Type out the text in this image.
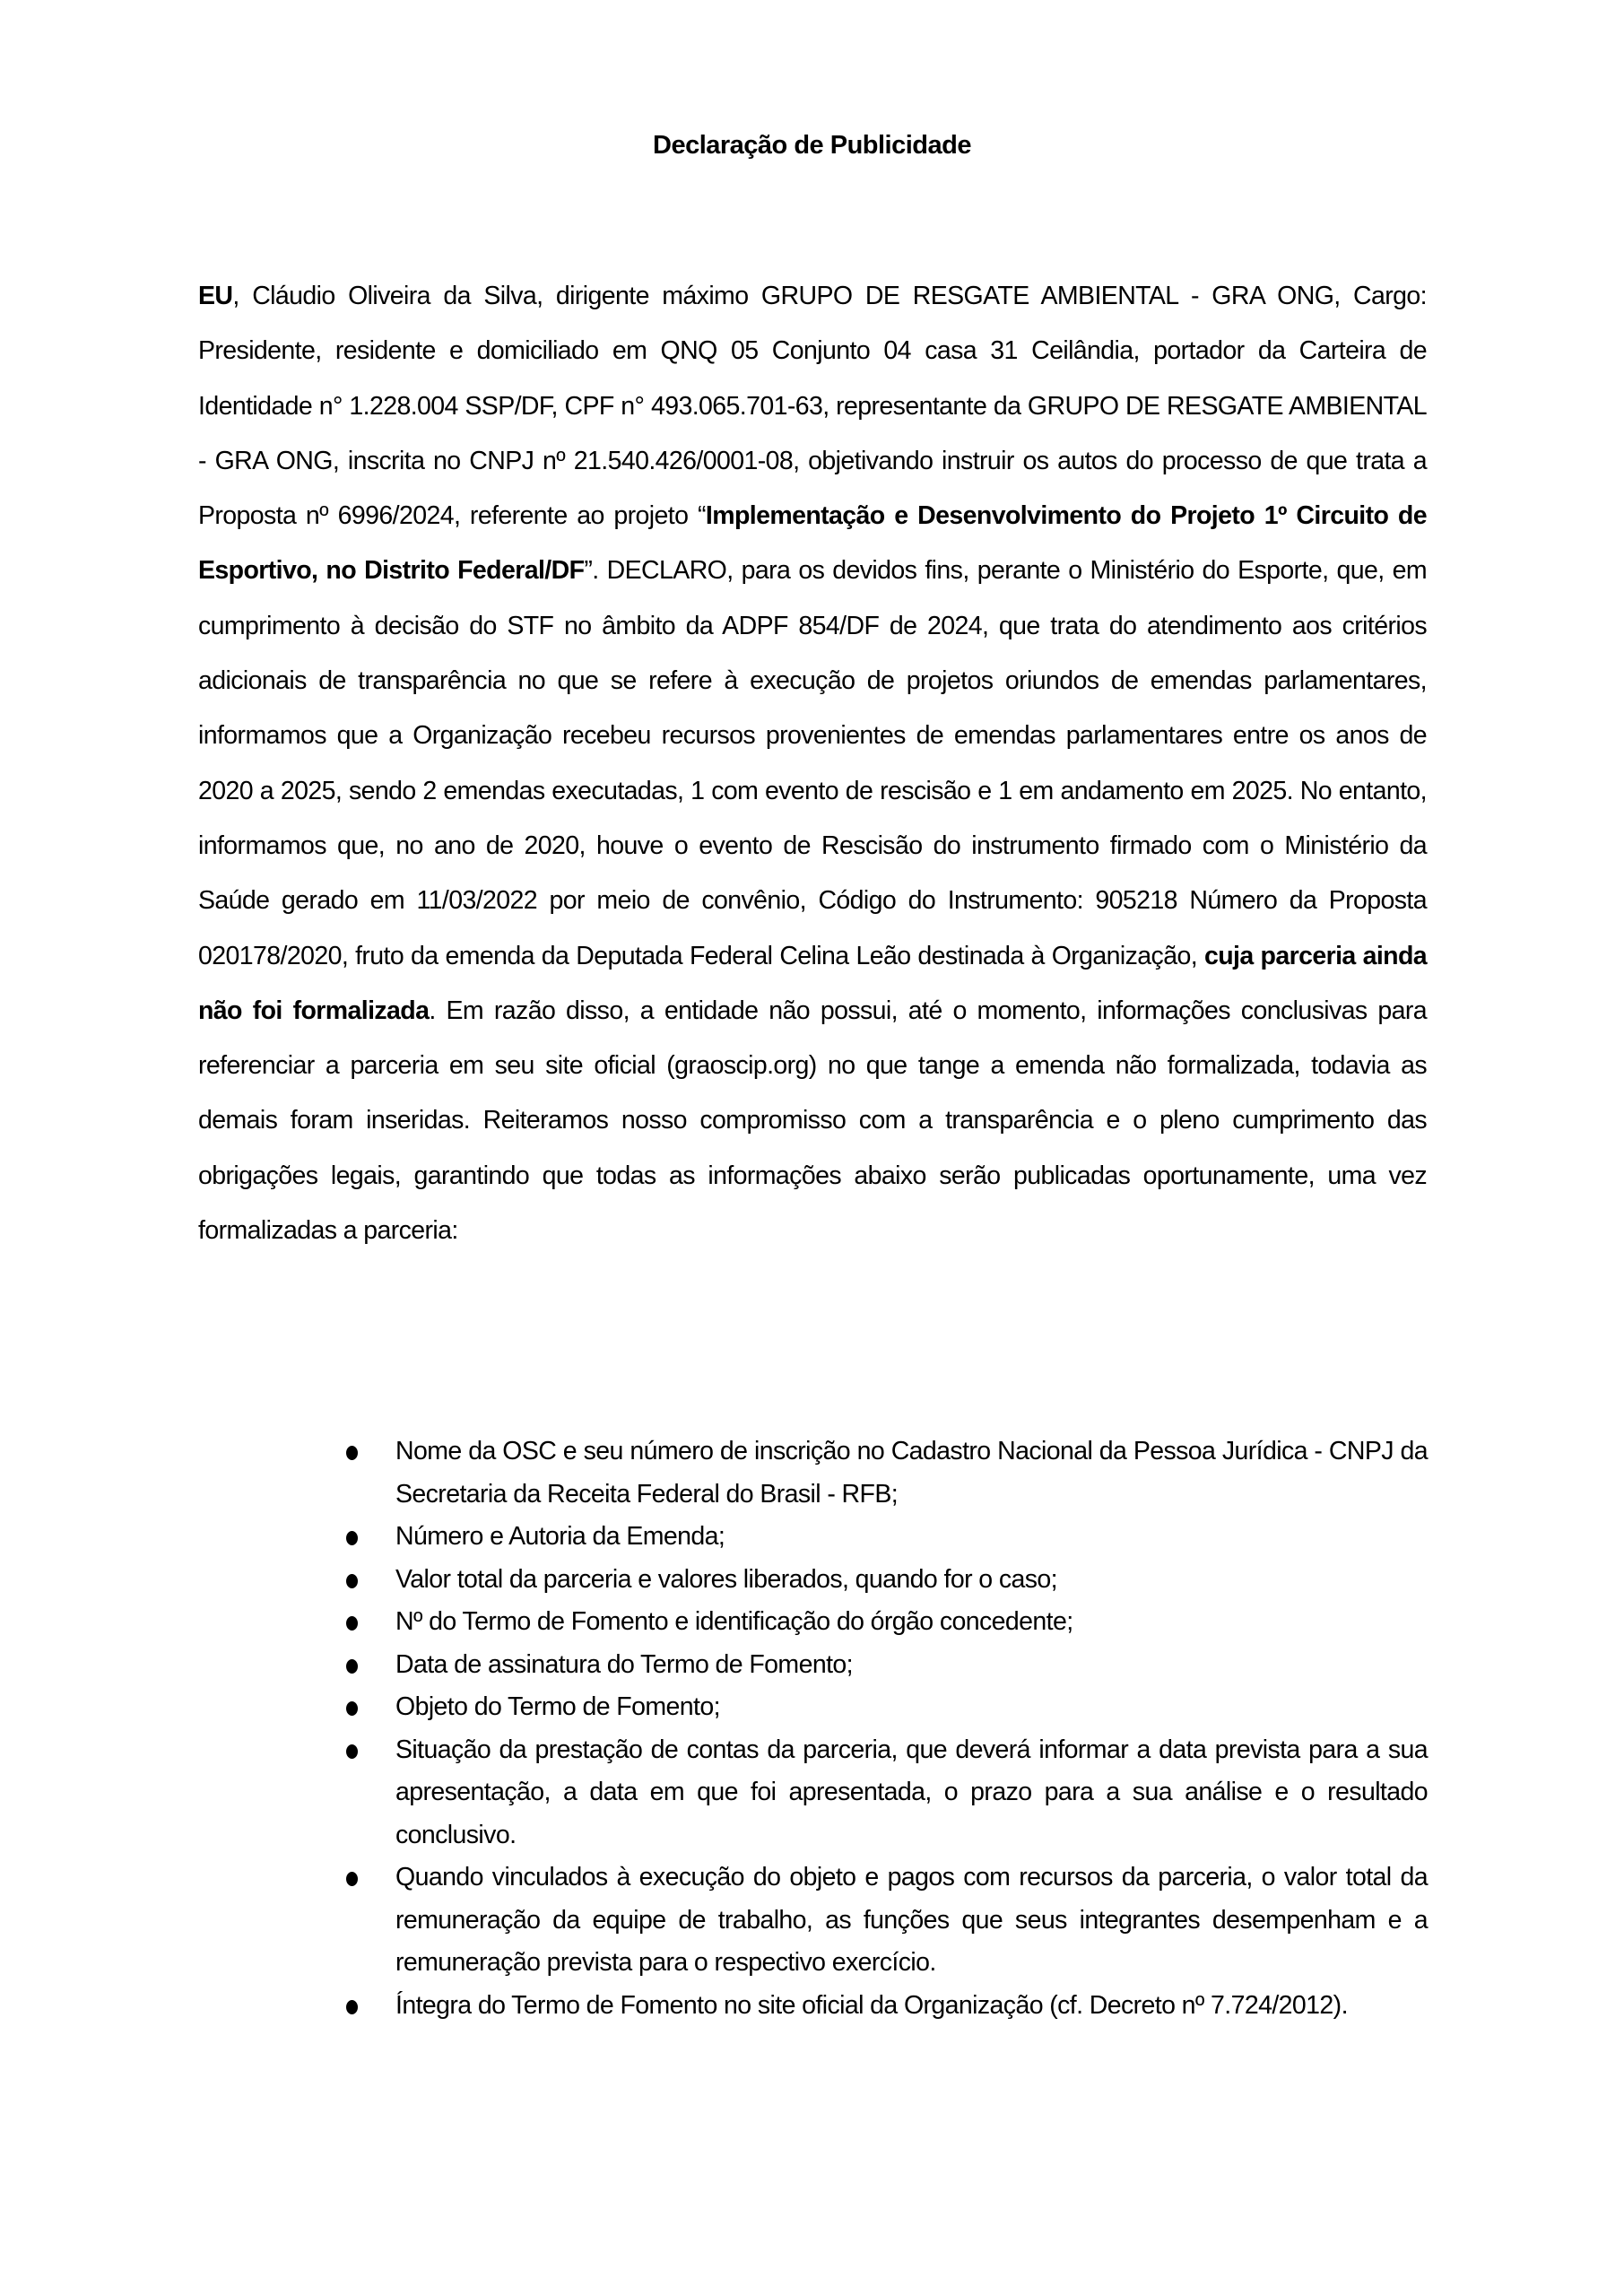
Declaração de Publicidade

EU, Cláudio Oliveira da Silva, dirigente máximo GRUPO DE RESGATE AMBIENTAL - GRA ONG, Cargo: Presidente, residente e domiciliado em QNQ 05 Conjunto 04 casa 31 Ceilândia, portador da Carteira de Identidade n° 1.228.004 SSP/DF, CPF n° 493.065.701-63, representante da GRUPO DE RESGATE AMBIENTAL - GRA ONG, inscrita no CNPJ nº 21.540.426/0001-08, objetivando instruir os autos do processo de que trata a Proposta nº 6996/2024, referente ao projeto “Implementação e Desenvolvimento do Projeto 1º Circuito de Esportivo, no Distrito Federal/DF”. DECLARO, para os devidos fins, perante o Ministério do Esporte, que, em cumprimento à decisão do STF no âmbito da ADPF 854/DF de 2024, que trata do atendimento aos critérios adicionais de transparência no que se refere à execução de projetos oriundos de emendas parlamentares, informamos que a Organização recebeu recursos provenientes de emendas parlamentares entre os anos de 2020 a 2025, sendo 2 emendas executadas, 1 com evento de rescisão e 1 em andamento em 2025. No entanto, informamos que, no ano de 2020, houve o evento de Rescisão do instrumento firmado com o Ministério da Saúde gerado em 11/03/2022 por meio de convênio, Código do Instrumento: 905218 Número da Proposta 020178/2020, fruto da emenda da Deputada Federal Celina Leão destinada à Organização, cuja parceria ainda não foi formalizada. Em razão disso, a entidade não possui, até o momento, informações conclusivas para referenciar a parceria em seu site oficial (graoscip.org) no que tange a emenda não formalizada, todavia as demais foram inseridas. Reiteramos nosso compromisso com a transparência e o pleno cumprimento das obrigações legais, garantindo que todas as informações abaixo serão publicadas oportunamente, uma vez formalizadas a parceria:

Nome da OSC e seu número de inscrição no Cadastro Nacional da Pessoa Jurídica - CNPJ da Secretaria da Receita Federal do Brasil - RFB;
Número e Autoria da Emenda;
Valor total da parceria e valores liberados, quando for o caso;
Nº do Termo de Fomento e identificação do órgão concedente;
Data de assinatura do Termo de Fomento;
Objeto do Termo de Fomento;
Situação da prestação de contas da parceria, que deverá informar a data prevista para a sua apresentação, a data em que foi apresentada, o prazo para a sua análise e o resultado conclusivo.
Quando vinculados à execução do objeto e pagos com recursos da parceria, o valor total da remuneração da equipe de trabalho, as funções que seus integrantes desempenham e a remuneração prevista para o respectivo exercício.
Íntegra do Termo de Fomento no site oficial da Organização (cf. Decreto nº 7.724/2012).
